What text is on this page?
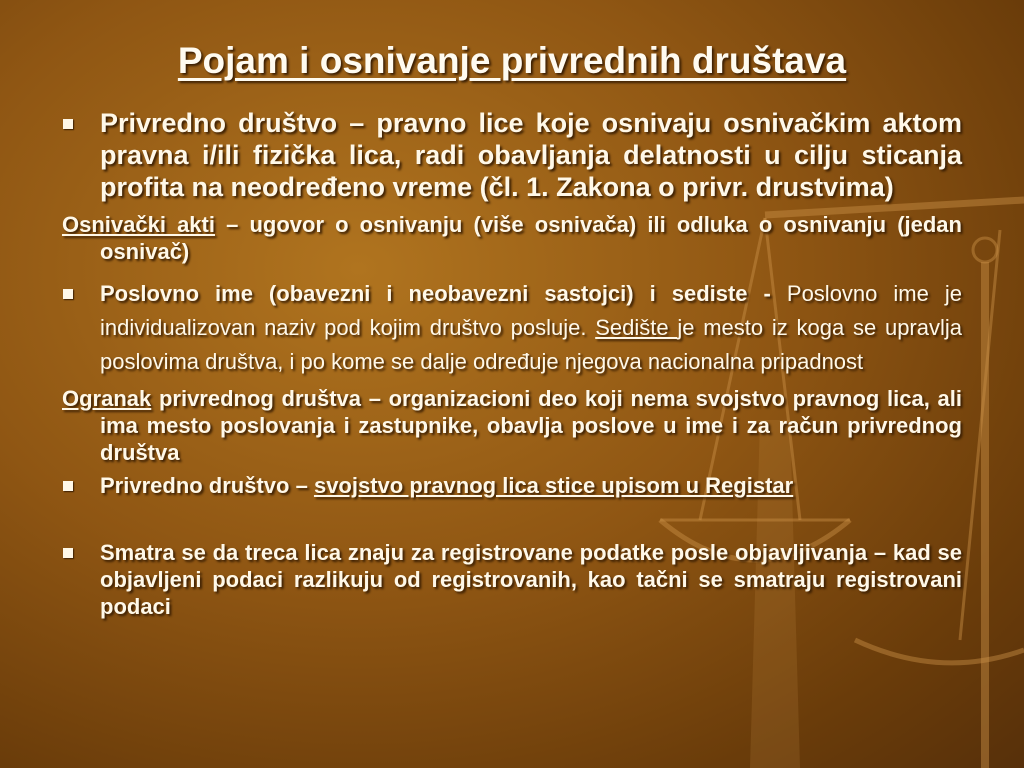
Pojam i osnivanje privrednih društava
Privredno društvo – pravno lice koje osnivaju osnivačkim aktom pravna i/ili fizička lica, radi obavljanja delatnosti u cilju sticanja profita na neodređeno vreme (čl. 1. Zakona o privr. drustvima)
Osnivački akti – ugovor o osnivanju (više osnivača) ili odluka o osnivanju (jedan osnivač)
Poslovno ime (obavezni i neobavezni sastojci) i sediste - Poslovno ime je individualizovan naziv pod kojim društvo posluje. Sedište je mesto iz koga se upravlja poslovima društva, i po kome se dalje određuje njegova nacionalna pripadnost
Ogranak privrednog društva – organizacioni deo koji nema svojstvo pravnog lica, ali ima mesto poslovanja i zastupnike, obavlja poslove u ime i za račun privrednog društva
Privredno društvo – svojstvo pravnog lica stice upisom u Registar
Smatra se da treca lica znaju za registrovane podatke posle objavljivanja – kad se objavljeni podaci razlikuju od registrovanih, kao tačni se smatraju registrovani podaci
